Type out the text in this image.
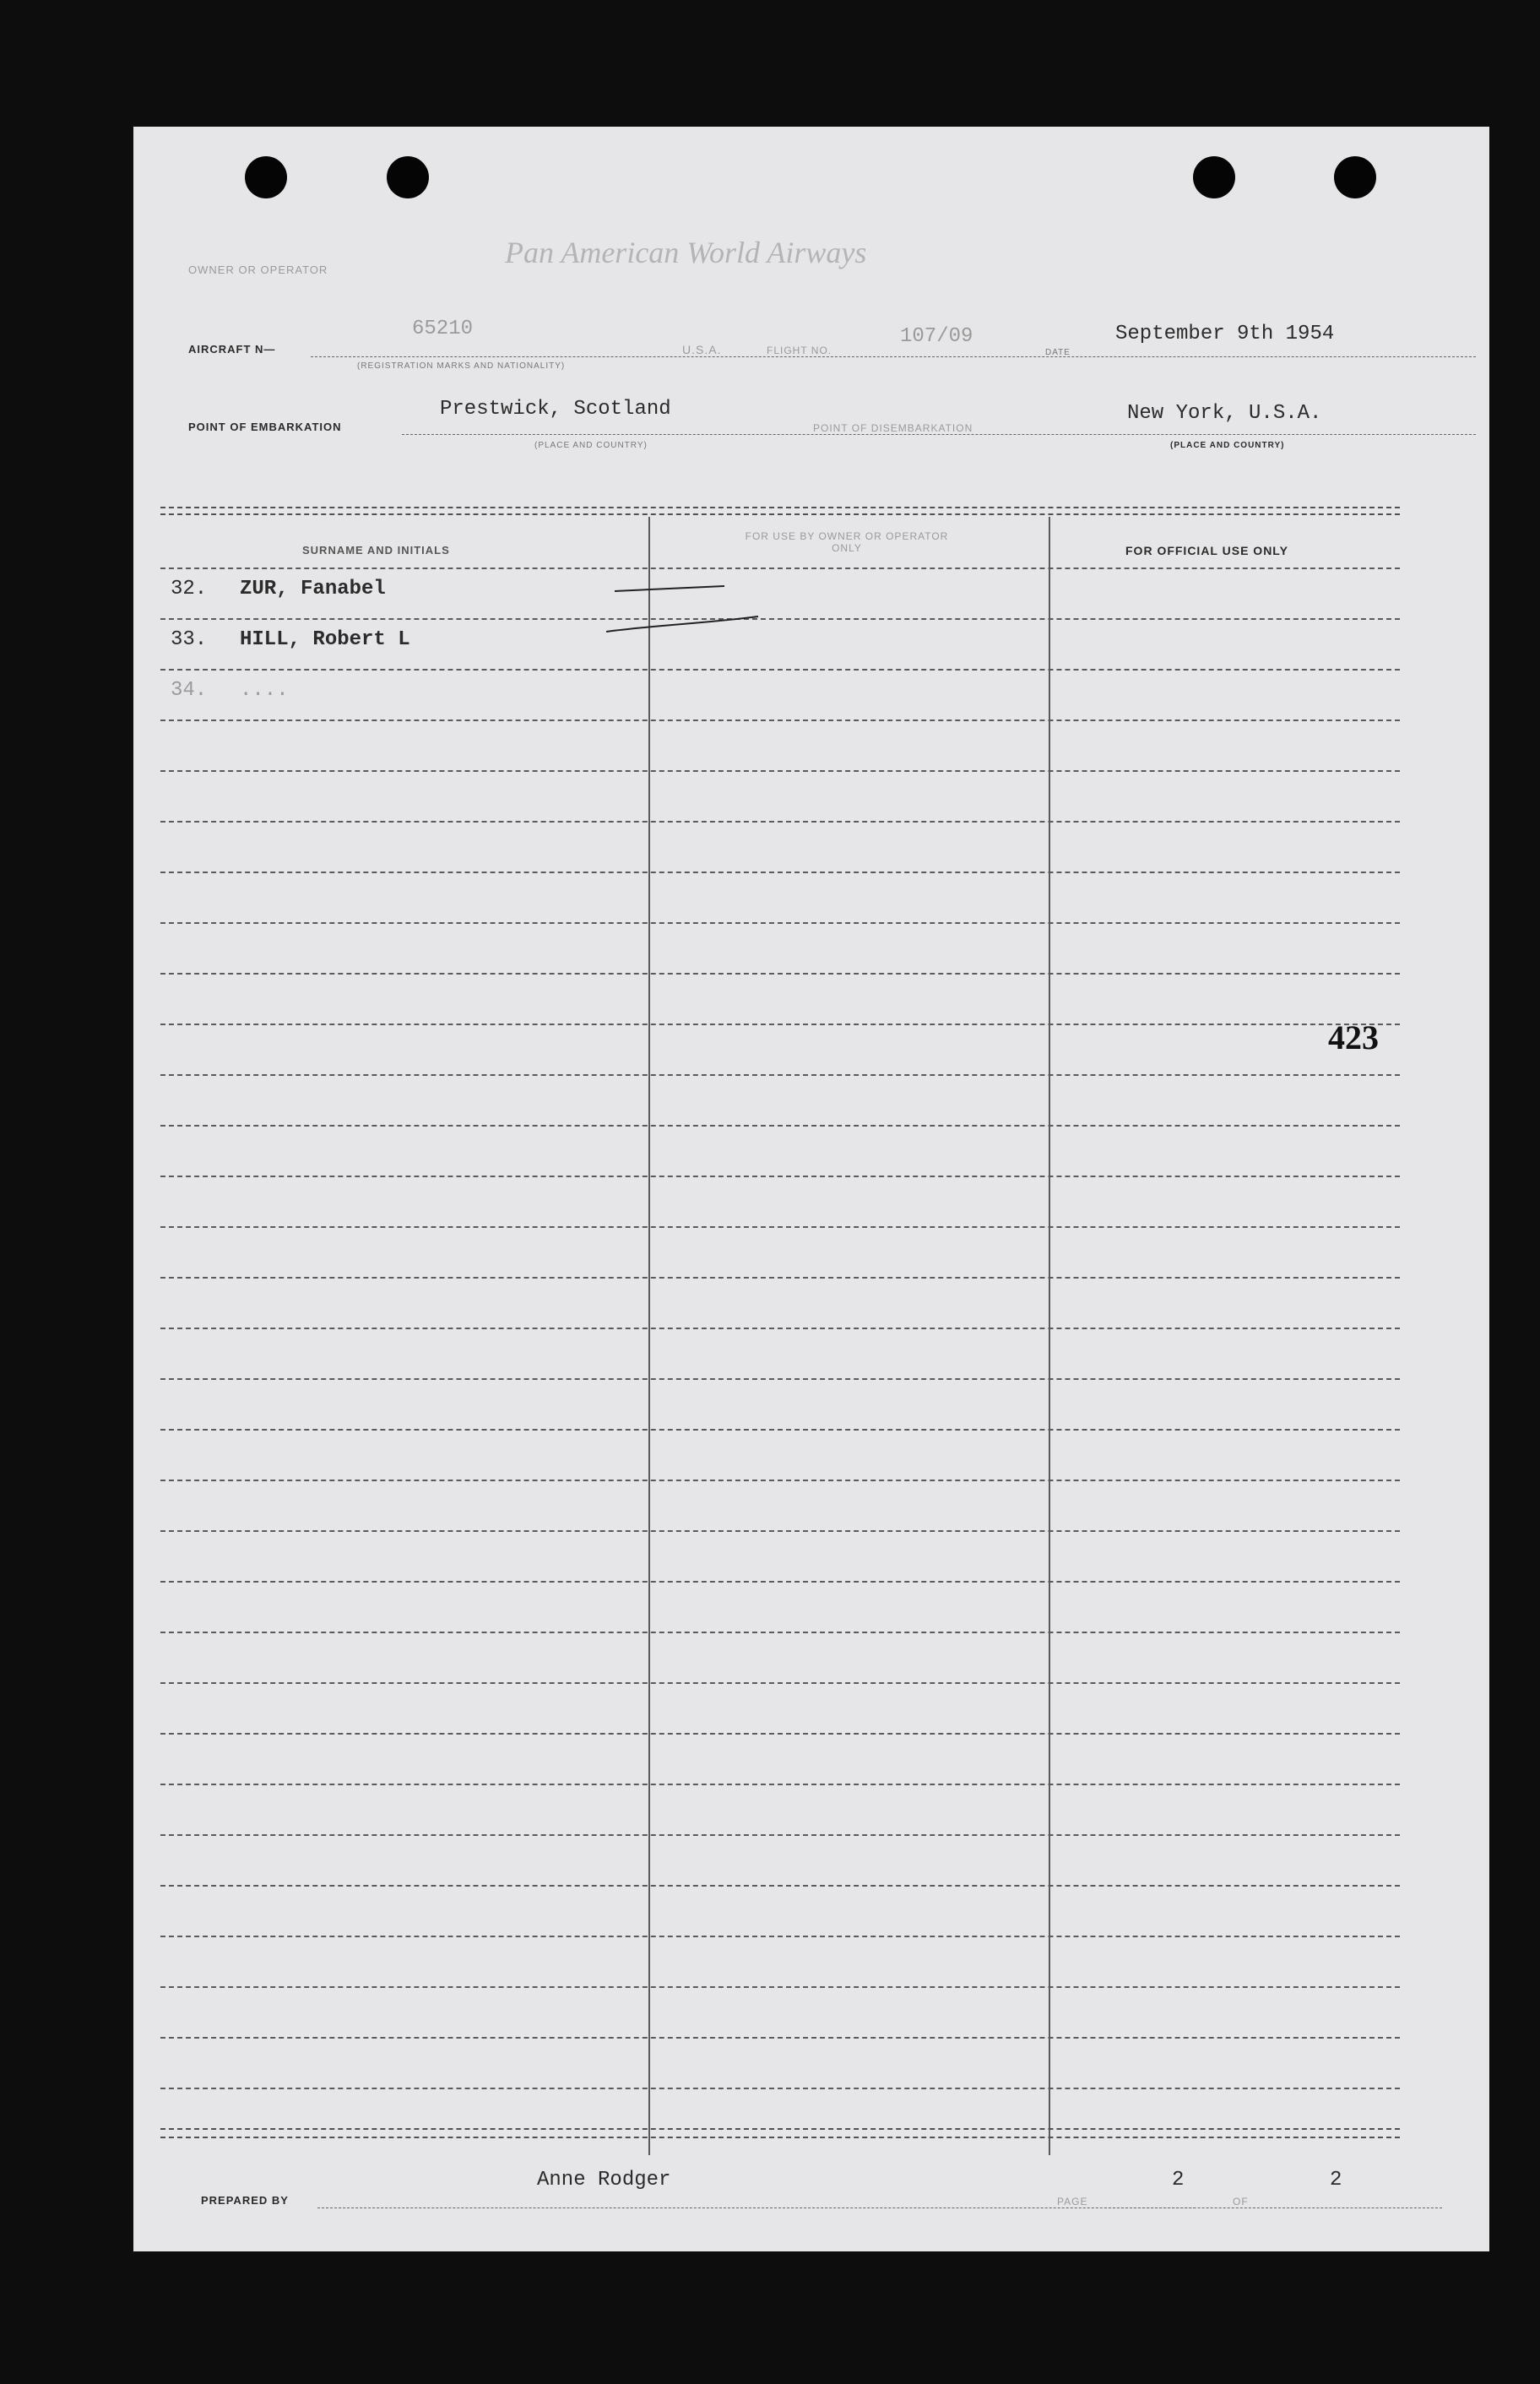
OWNER OR OPERATOR
Pan American World Airways
AIRCRAFT N—
65210
(REGISTRATION MARKS AND NATIONALITY)
U.S.A.	FLIGHT NO.
107/09
DATE
September 9th 1954
POINT OF EMBARKATION
Prestwick, Scotland
(PLACE AND COUNTRY)
POINT OF DISEMBARKATION
New York, U.S.A.
(PLACE AND COUNTRY)
SURNAME AND INITIALS
FOR USE BY OWNER OR OPERATOR ONLY	FOR OFFICIAL USE ONLY
32. ZUR, Fanabel
33. HILL, Robert L
34. ....
423
PREPARED BY
Anne Rodger
PAGE
2
OF
2
